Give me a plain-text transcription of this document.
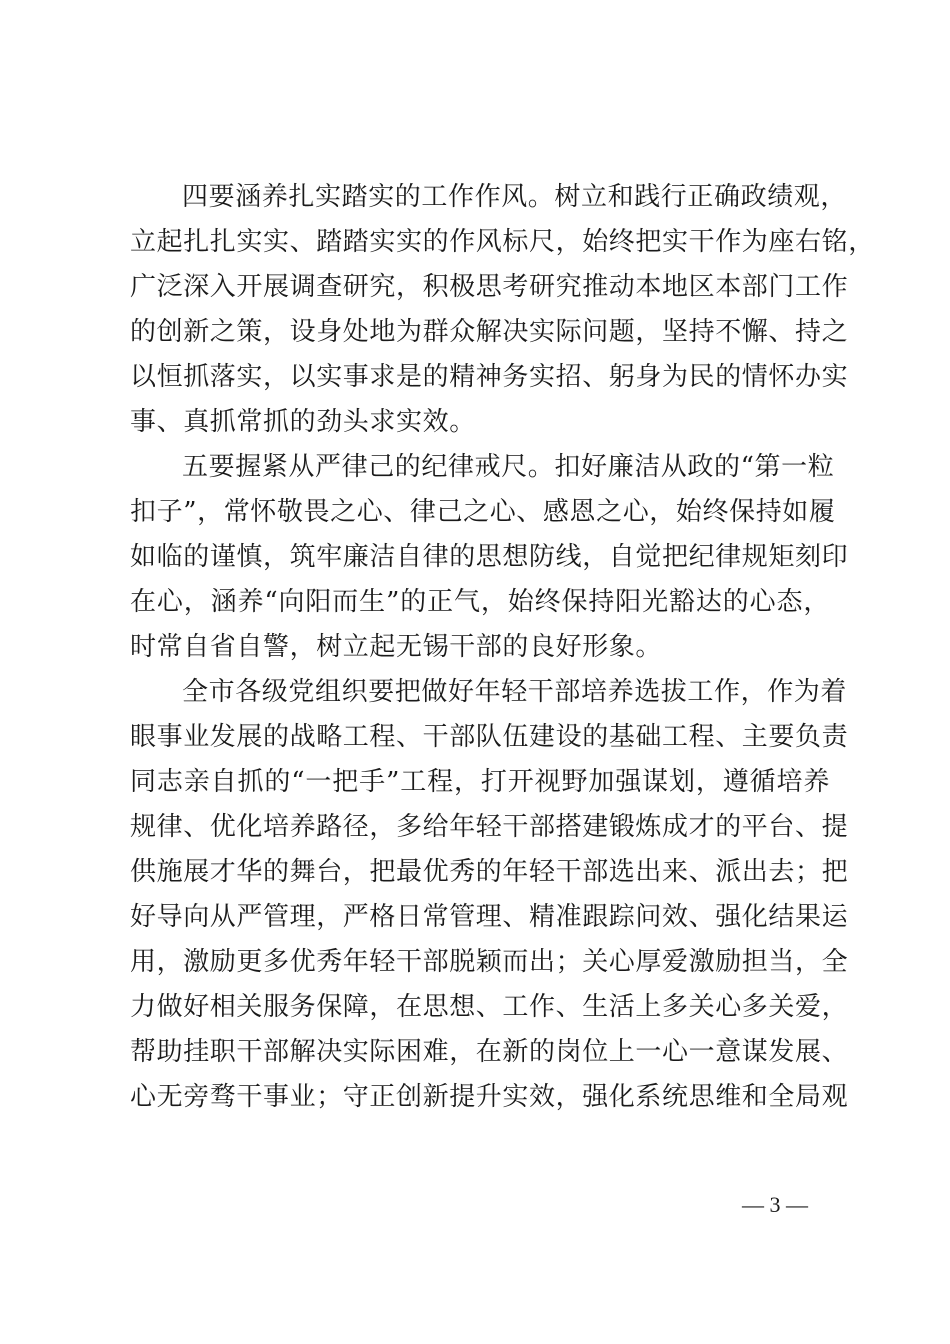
四要涵养扎实踏实的工作作风。树立和践行正确政绩观，
立起扎扎实实、踏踏实实的作风标尺，始终把实干作为座右铭，
广泛深入开展调查研究，积极思考研究推动本地区本部门工作
的创新之策，设身处地为群众解决实际问题，坚持不懈、持之
以恒抓落实，以实事求是的精神务实招、躬身为民的情怀办实
事、真抓常抓的劲头求实效。
五要握紧从严律己的纪律戒尺。扣好廉洁从政的“第一粒
扣子”，常怀敬畏之心、律己之心、感恩之心，始终保持如履
如临的谨慎，筑牢廉洁自律的思想防线，自觉把纪律规矩刻印
在心，涵养“向阳而生”的正气，始终保持阳光豁达的心态，
时常自省自警，树立起无锡干部的良好形象。
全市各级党组织要把做好年轻干部培养选拔工作，作为着
眼事业发展的战略工程、干部队伍建设的基础工程、主要负责
同志亲自抓的“一把手”工程，打开视野加强谋划，遵循培养
规律、优化培养路径，多给年轻干部搭建锻炼成才的平台、提
供施展才华的舞台，把最优秀的年轻干部选出来、派出去；把
好导向从严管理，严格日常管理、精准跟踪问效、强化结果运
用，激励更多优秀年轻干部脱颖而出；关心厚爱激励担当，全
力做好相关服务保障，在思想、工作、生活上多关心多关爱，
帮助挂职干部解决实际困难，在新的岗位上一心一意谋发展、
心无旁骛干事业；守正创新提升实效，强化系统思维和全局观
— 3 —
